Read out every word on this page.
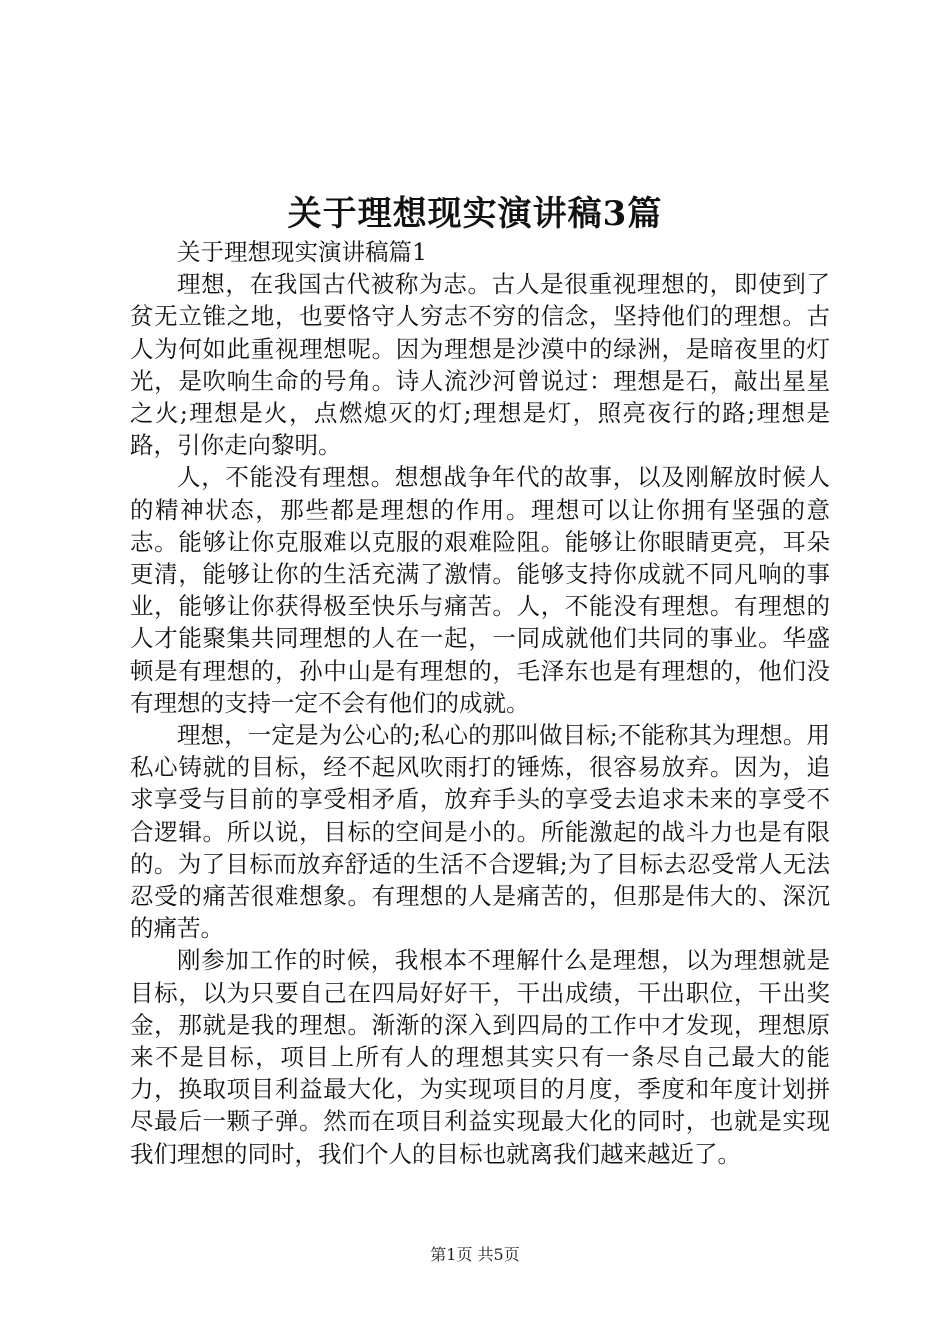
关于理想现实演讲稿3篇

关于理想现实演讲稿篇1

理想，在我国古代被称为志。古人是很重视理想的，即使到了贫无立锥之地，也要恪守人穷志不穷的信念，坚持他们的理想。古人为何如此重视理想呢。因为理想是沙漠中的绿洲，是暗夜里的灯光，是吹响生命的号角。诗人流沙河曾说过：理想是石，敲出星星之火;理想是火，点燃熄灭的灯;理想是灯，照亮夜行的路;理想是路，引你走向黎明。

人，不能没有理想。想想战争年代的故事，以及刚解放时候人的精神状态，那些都是理想的作用。理想可以让你拥有坚强的意志。能够让你克服难以克服的艰难险阻。能够让你眼睛更亮，耳朵更清，能够让你的生活充满了激情。能够支持你成就不同凡响的事业，能够让你获得极至快乐与痛苦。人，不能没有理想。有理想的人才能聚集共同理想的人在一起，一同成就他们共同的事业。华盛顿是有理想的，孙中山是有理想的，毛泽东也是有理想的，他们没有理想的支持一定不会有他们的成就。

理想，一定是为公心的;私心的那叫做目标;不能称其为理想。用私心铸就的目标，经不起风吹雨打的锤炼，很容易放弃。因为，追求享受与目前的享受相矛盾，放弃手头的享受去追求未来的享受不合逻辑。所以说，目标的空间是小的。所能激起的战斗力也是有限的。为了目标而放弃舒适的生活不合逻辑;为了目标去忍受常人无法忍受的痛苦很难想象。有理想的人是痛苦的，但那是伟大的、深沉的痛苦。

刚参加工作的时候，我根本不理解什么是理想，以为理想就是目标，以为只要自己在四局好好干，干出成绩，干出职位，干出奖金，那就是我的理想。渐渐的深入到四局的工作中才发现，理想原来不是目标，项目上所有人的理想其实只有一条尽自己最大的能力，换取项目利益最大化，为实现项目的月度，季度和年度计划拼尽最后一颗子弹。然而在项目利益实现最大化的同时，也就是实现我们理想的同时，我们个人的目标也就离我们越来越近了。

第1页 共5页
